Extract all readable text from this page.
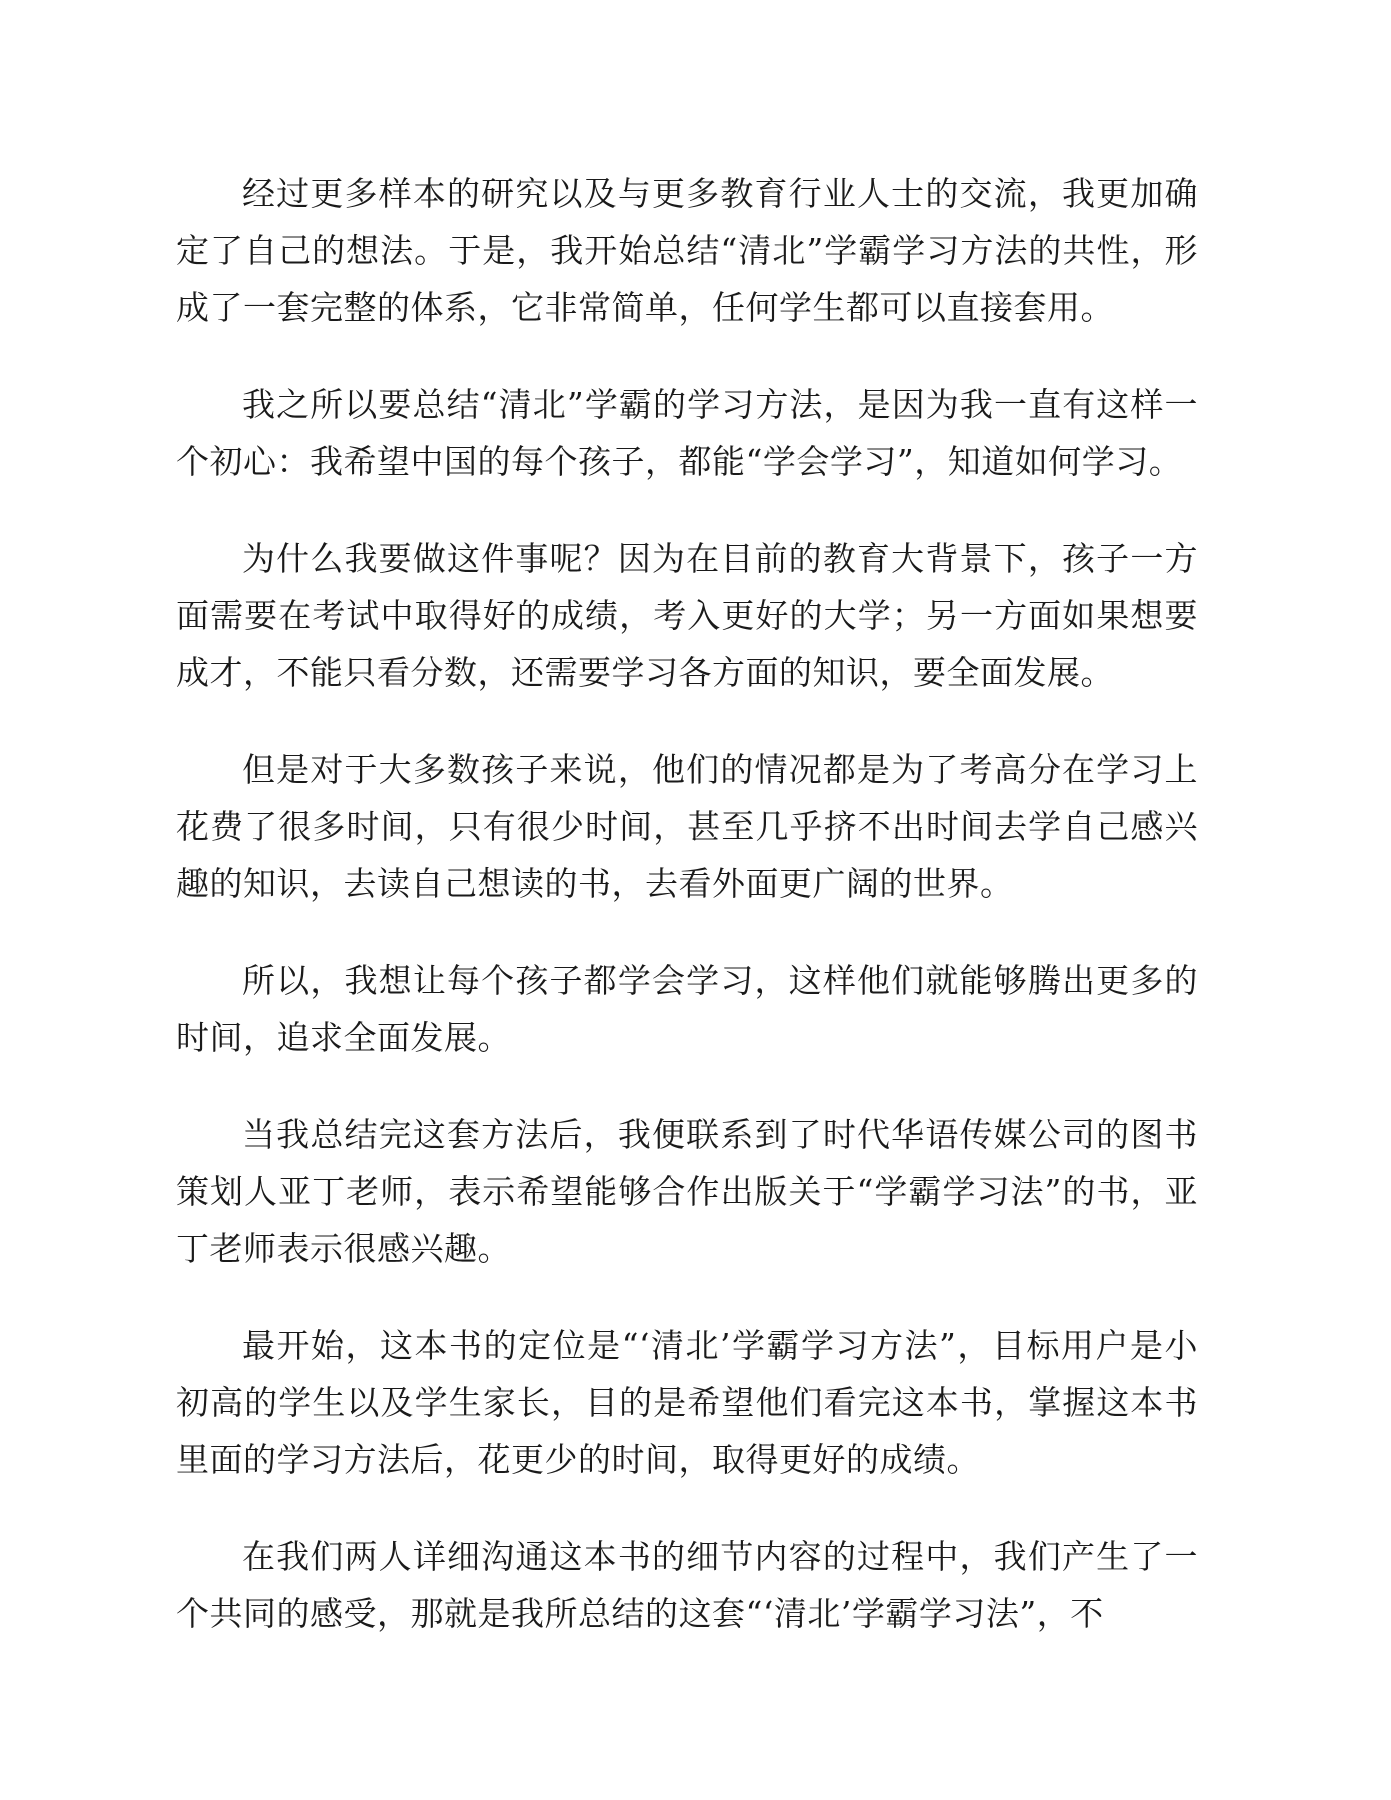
经过更多样本的研究以及与更多教育行业人士的交流，我更加确定了自己的想法。于是，我开始总结“清北”学霸学习方法的共性，形成了一套完整的体系，它非常简单，任何学生都可以直接套用。

我之所以要总结“清北”学霸的学习方法，是因为我一直有这样一个初心：我希望中国的每个孩子，都能“学会学习”，知道如何学习。

为什么我要做这件事呢？因为在目前的教育大背景下，孩子一方面需要在考试中取得好的成绩，考入更好的大学；另一方面如果想要成才，不能只看分数，还需要学习各方面的知识，要全面发展。

但是对于大多数孩子来说，他们的情况都是为了考高分在学习上花费了很多时间，只有很少时间，甚至几乎挤不出时间去学自己感兴趣的知识，去读自己想读的书，去看外面更广阔的世界。

所以，我想让每个孩子都学会学习，这样他们就能够腾出更多的时间，追求全面发展。

当我总结完这套方法后，我便联系到了时代华语传媒公司的图书策划人亚丁老师，表示希望能够合作出版关于“学霸学习法”的书，亚丁老师表示很感兴趣。

最开始，这本书的定位是“‘清北’学霸学习方法”，目标用户是小初高的学生以及学生家长，目的是希望他们看完这本书，掌握这本书里面的学习方法后，花更少的时间，取得更好的成绩。

在我们两人详细沟通这本书的细节内容的过程中，我们产生了一个共同的感受，那就是我所总结的这套“‘清北’学霸学习法”，不
